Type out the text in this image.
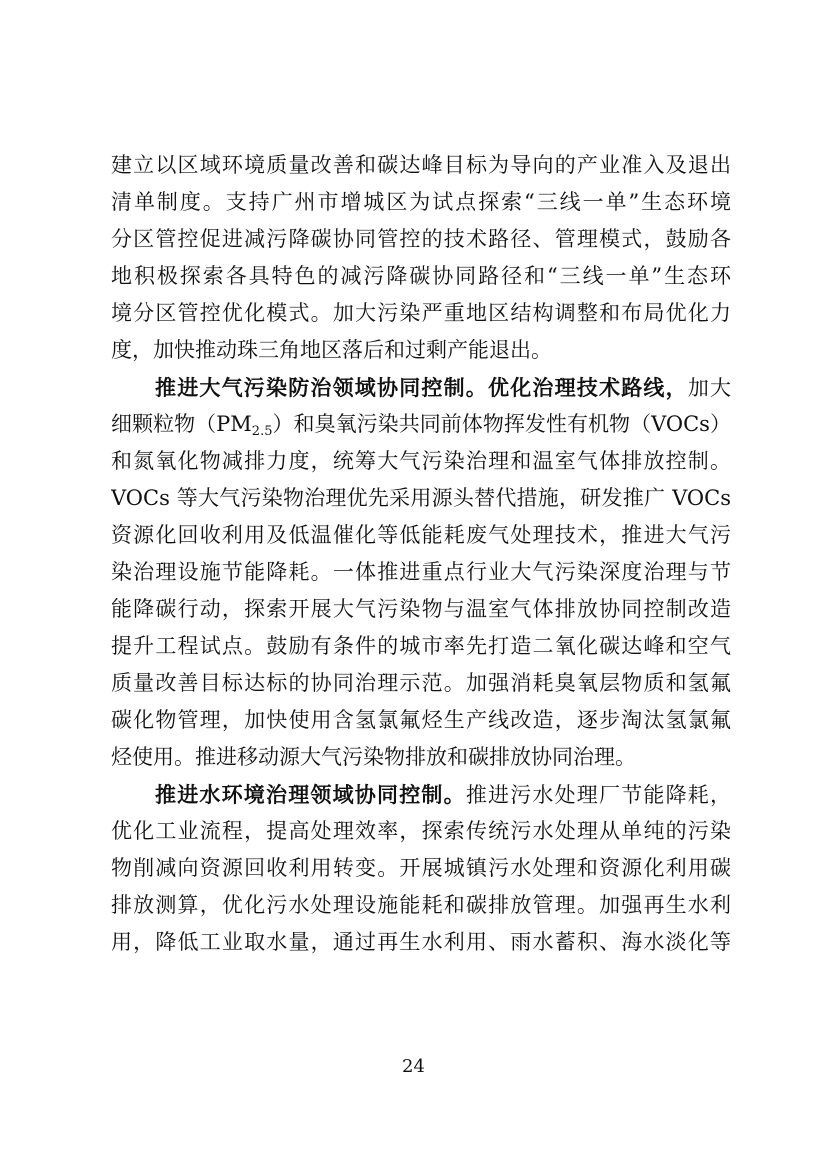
建立以区域环境质量改善和碳达峰目标为导向的产业准入及退出
清单制度。支持广州市增城区为试点探索“三线一单”生态环境
分区管控促进减污降碳协同管控的技术路径、管理模式，鼓励各
地积极探索各具特色的减污降碳协同路径和“三线一单”生态环
境分区管控优化模式。加大污染严重地区结构调整和布局优化力
度，加快推动珠三角地区落后和过剩产能退出。
推进大气污染防治领域协同控制。优化治理技术路线，加大
细颗粒物$(PM_{2.5})$和臭氧污染共同前体物挥发性有机物（VOCs）
和氮氧化物减排力度，统筹大气污染治理和温室气体排放控制。
VOCs 等大气污染物治理优先采用源头替代措施，研发推广 VOCs
资源化回收利用及低温催化等低能耗废气处理技术，推进大气污
染治理设施节能降耗。一体推进重点行业大气污染深度治理与节
能降碳行动，探索开展大气污染物与温室气体排放协同控制改造
提升工程试点。鼓励有条件的城市率先打造二氧化碳达峰和空气
质量改善目标达标的协同治理示范。加强消耗臭氧层物质和氢氟
碳化物管理，加快使用含氢氯氟烃生产线改造，逐步淘汰氢氯氟
烃使用。推进移动源大气污染物排放和碳排放协同治理。
推进水环境治理领域协同控制。推进污水处理厂节能降耗，
优化工业流程，提高处理效率，探索传统污水处理从单纯的污染
物削减向资源回收利用转变。开展城镇污水处理和资源化利用碳
排放测算，优化污水处理设施能耗和碳排放管理。加强再生水利
用，降低工业取水量，通过再生水利用、雨水蓄积、海水淡化等
24
